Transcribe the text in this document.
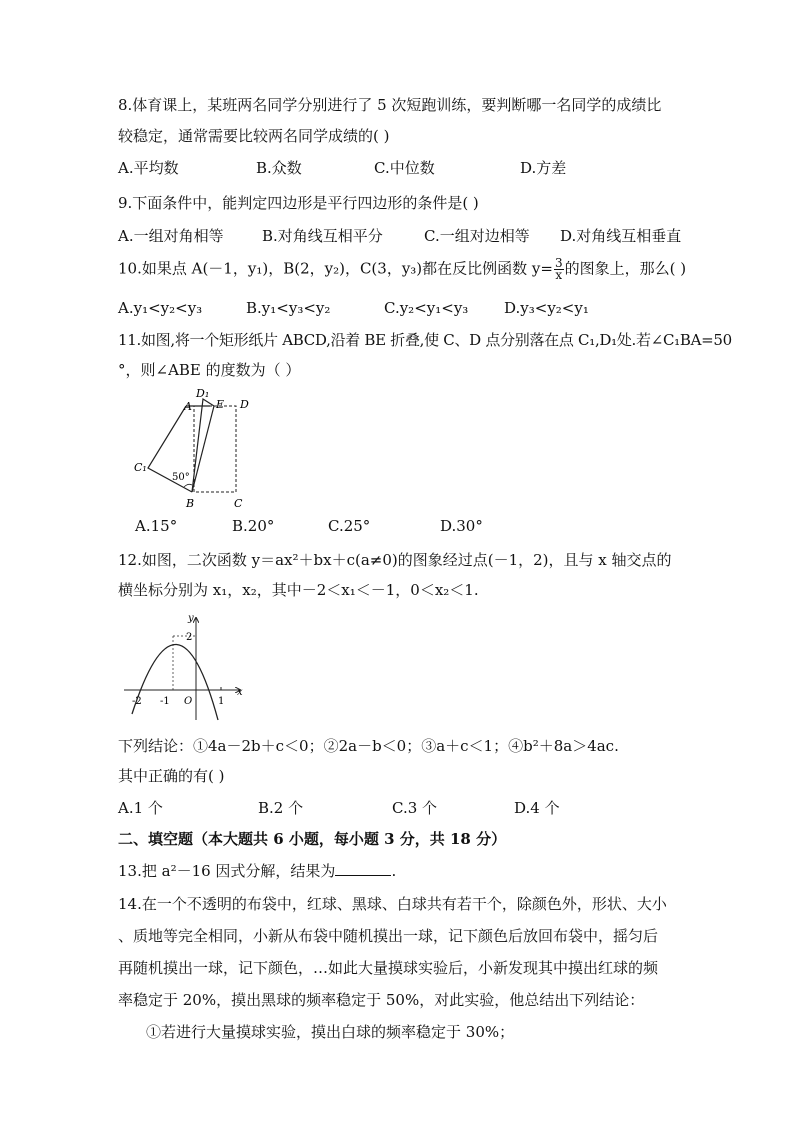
8.体育课上，某班两名同学分别进行了 5 次短跑训练，要判断哪一名同学的成绩比
较稳定，通常需要比较两名同学成绩的( )
A.平均数	B.众数	C.中位数	D.方差
9.下面条件中，能判定四边形是平行四边形的条件是( )
A.一组对角相等	B.对角线互相平分	C.一组对边相等 D.对角线互相垂直
10.如果点 A(－1，y₁)，B(2，y₂)，C(3，y₃)都在反比例函数 $y= \frac{3}{x}$ 的图象上，那么( )
A.y₁<y₂<y₃	B.y₁<y₃<y₂	C.y₂<y₁<y₃ D.y₃<y₂<y₁
11.如图,将一个矩形纸片 ABCD,沿着 BE 折叠,使 C、D 点分别落在点 C₁,D₁处.若∠C₁BA=50
°，则∠ABE 的度数为（ ）
A
D₁
E D
C₁
50°
B	C
A.15°	B.20°	C.25°	D.30°
12.如图，二次函数 y＝ax²＋bx＋c(a≠0)的图象经过点(－1，2)，且与 x 轴交点的
横坐标分别为 x₁，x₂，其中－2＜x₁＜－1，0＜x₂＜1.
y
x
2
-2 -1 O	1
下列结论：①4a－2b＋c＜0；②2a－b＜0；③a＋c＜1；④b²＋8a＞4ac.
其中正确的有( )
A.1 个	B.2 个	C.3 个	D.4 个
二、填空题（本大题共 6 小题，每小题 3 分，共 18 分）
13.把 a²－16 因式分解，结果为	.
14.在一个不透明的布袋中，红球、黑球、白球共有若干个，除颜色外，形状、大小
、质地等完全相同，小新从布袋中随机摸出一球，记下颜色后放回布袋中，摇匀后
再随机摸出一球，记下颜色，…如此大量摸球实验后，小新发现其中摸出红球的频
率稳定于 20%，摸出黑球的频率稳定于 50%，对此实验，他总结出下列结论：
①若进行大量摸球实验，摸出白球的频率稳定于 30%；
